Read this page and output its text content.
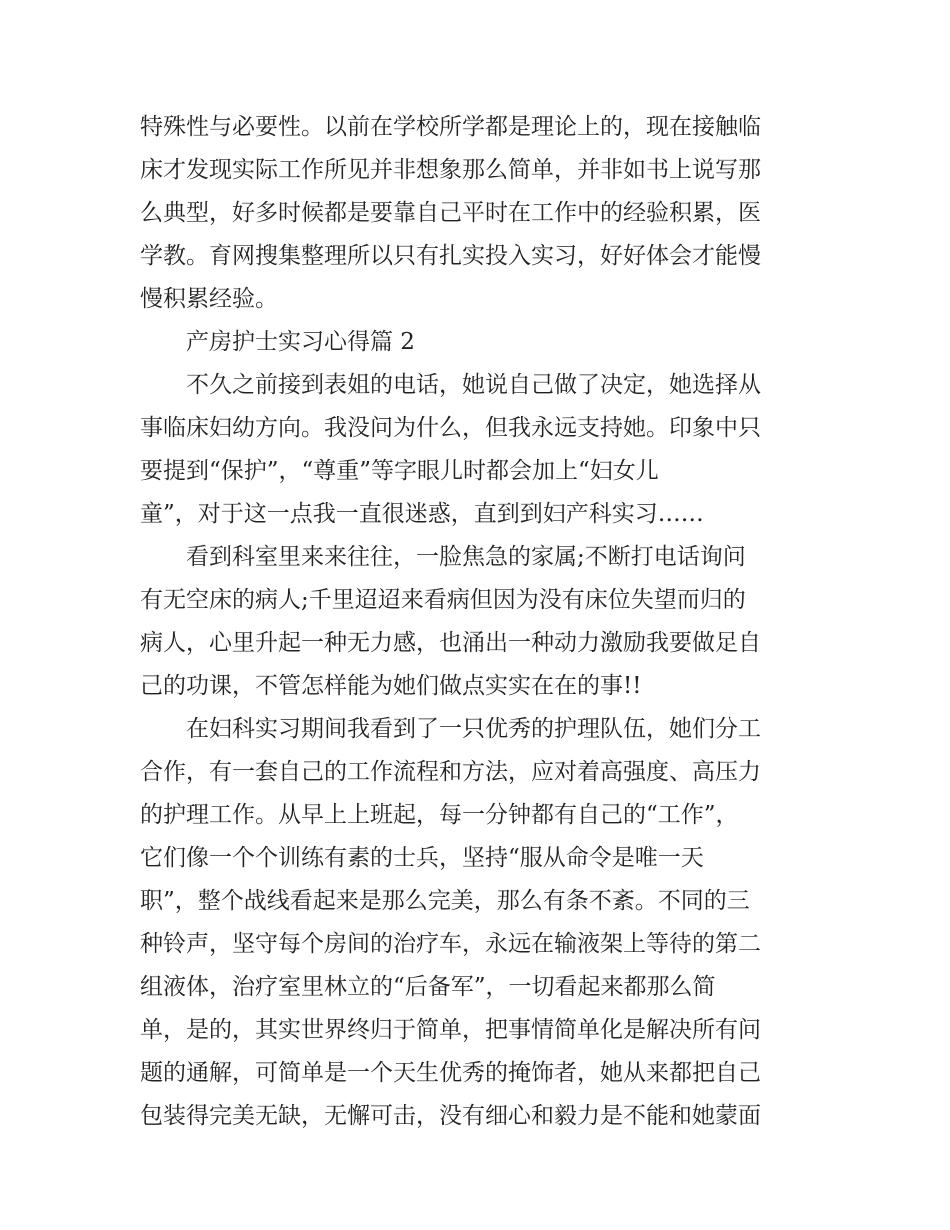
特殊性与必要性。以前在学校所学都是理论上的，现在接触临
床才发现实际工作所见并非想象那么简单，并非如书上说写那
么典型，好多时候都是要靠自己平时在工作中的经验积累，医
学教。育网搜集整理所以只有扎实投入实习，好好体会才能慢
慢积累经验。
产房护士实习心得篇 2
不久之前接到表姐的电话，她说自己做了决定，她选择从
事临床妇幼方向。我没问为什么，但我永远支持她。印象中只
要提到“保护”，“尊重”等字眼儿时都会加上“妇女儿
童”，对于这一点我一直很迷惑，直到到妇产科实习……
看到科室里来来往往，一脸焦急的家属;不断打电话询问
有无空床的病人;千里迢迢来看病但因为没有床位失望而归的
病人，心里升起一种无力感，也涌出一种动力激励我要做足自
己的功课，不管怎样能为她们做点实实在在的事!!
在妇科实习期间我看到了一只优秀的护理队伍，她们分工
合作，有一套自己的工作流程和方法，应对着高强度、高压力
的护理工作。从早上上班起，每一分钟都有自己的“工作”，
它们像一个个训练有素的士兵，坚持“服从命令是唯一天
职”，整个战线看起来是那么完美，那么有条不紊。不同的三
种铃声，坚守每个房间的治疗车，永远在输液架上等待的第二
组液体，治疗室里林立的“后备军”，一切看起来都那么简
单，是的，其实世界终归于简单，把事情简单化是解决所有问
题的通解，可简单是一个天生优秀的掩饰者，她从来都把自己
包装得完美无缺，无懈可击，没有细心和毅力是不能和她蒙面
